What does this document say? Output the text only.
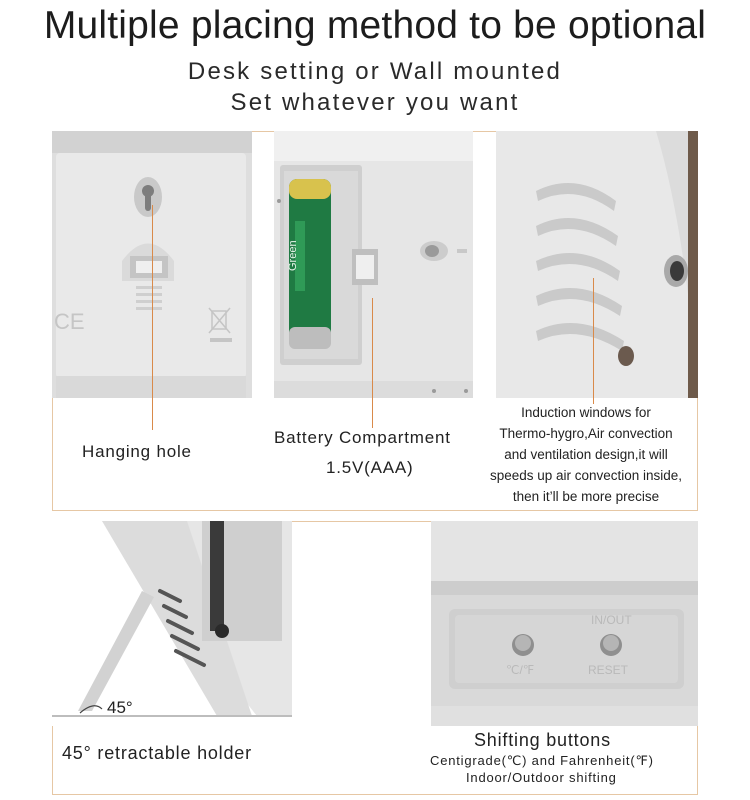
Multiple placing method to be optional
Desk setting or Wall mounted
Set whatever you want
CE
Green
Hanging hole
Battery Compartment
1.5V(AAA)
Induction windows for
Thermo-hygro,Air convection
and ventilation design,it will
speeds up air convection inside,
then it’ll be more precise
45°
℃/℉
IN/OUT
RESET
45° retractable holder
Shifting buttons
Centigrade(℃) and Fahrenheit(℉)
Indoor/Outdoor shifting
